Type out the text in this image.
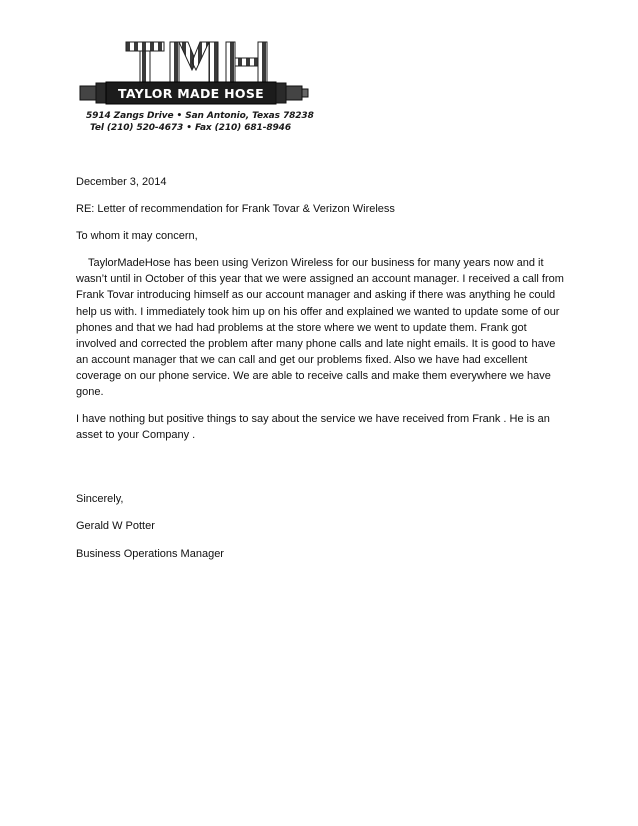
TAYLOR MADE HOSE
5914 Zangs Drive • San Antonio, Texas 78238
Tel (210) 520-4673 • Fax (210) 681-8946

December 3, 2014

RE: Letter of recommendation for Frank Tovar & Verizon Wireless

To whom it may concern,

TaylorMadeHose has been using Verizon Wireless for our business for many years now and it wasn’t until in October of this year that we were assigned an account manager. I received a call from Frank Tovar introducing himself as our account manager and asking if there was anything he could help us with. I immediately took him up on his offer and explained we wanted to update some of our phones and that we had had problems at the store where we went to update them. Frank got involved and corrected the problem after many phone calls and late night emails. It is good to have an account manager that we can call and get our problems fixed. Also we have had excellent coverage on our phone service. We are able to receive calls and make them everywhere we have gone.

I have nothing but positive things to say about the service we have received from Frank . He is an asset to your Company .

Sincerely,

Gerald W Potter

Business Operations Manager
